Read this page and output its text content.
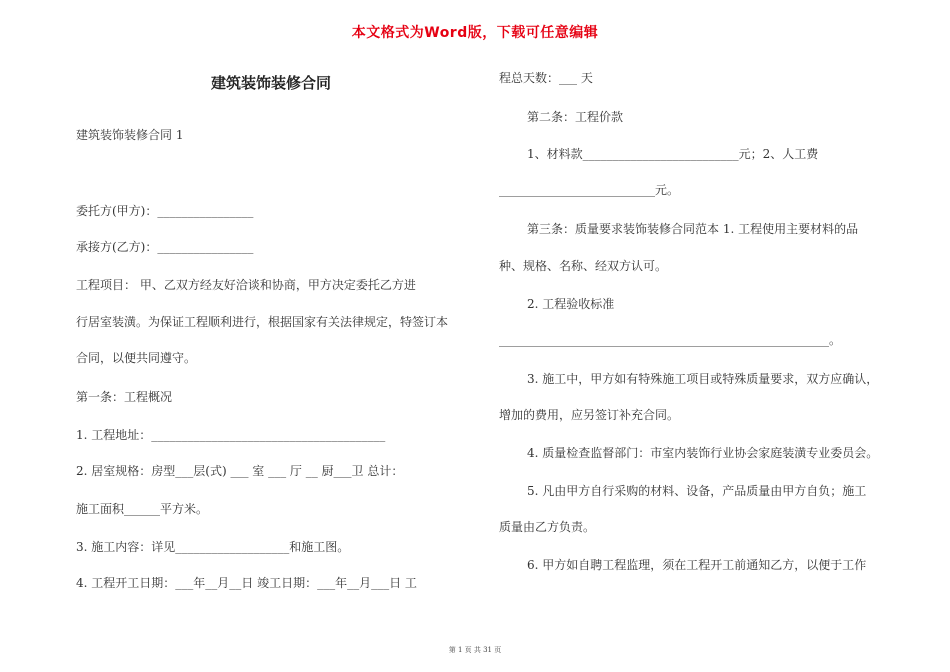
本文格式为Word版，下载可任意编辑
建筑装饰装修合同
建筑装饰装修合同 1
委托方(甲方)：________________
承接方(乙方)：________________
工程项目： 甲、乙双方经友好洽谈和协商，甲方决定委托乙方进
行居室装潢。为保证工程顺利进行，根据国家有关法律规定，特签订本
合同，以便共同遵守。
第一条：工程概况
1. 工程地址：_______________________________________
2. 居室规格：房型___层(式) ___ 室 ___ 厅 __ 厨___卫 总计：
施工面积______平方米。
3. 施工内容：详见___________________和施工图。
4. 工程开工日期：___年__月__日 竣工日期：___年__月___日 工
程总天数：___ 天
第二条：工程价款
1、材料款__________________________元；2、人工费
__________________________元。
第三条：质量要求装饰装修合同范本 1. 工程使用主要材料的品
种、规格、名称、经双方认可。
2. 工程验收标准
_______________________________________________________。
3. 施工中，甲方如有特殊施工项目或特殊质量要求，双方应确认，
增加的费用，应另签订补充合同。
4. 质量检查监督部门：市室内装饰行业协会家庭装潢专业委员会。
5. 凡由甲方自行采购的材料、设备，产品质量由甲方自负；施工
质量由乙方负责。
6. 甲方如自聘工程监理，须在工程开工前通知乙方，以便于工作
第 1 页 共 31 页
